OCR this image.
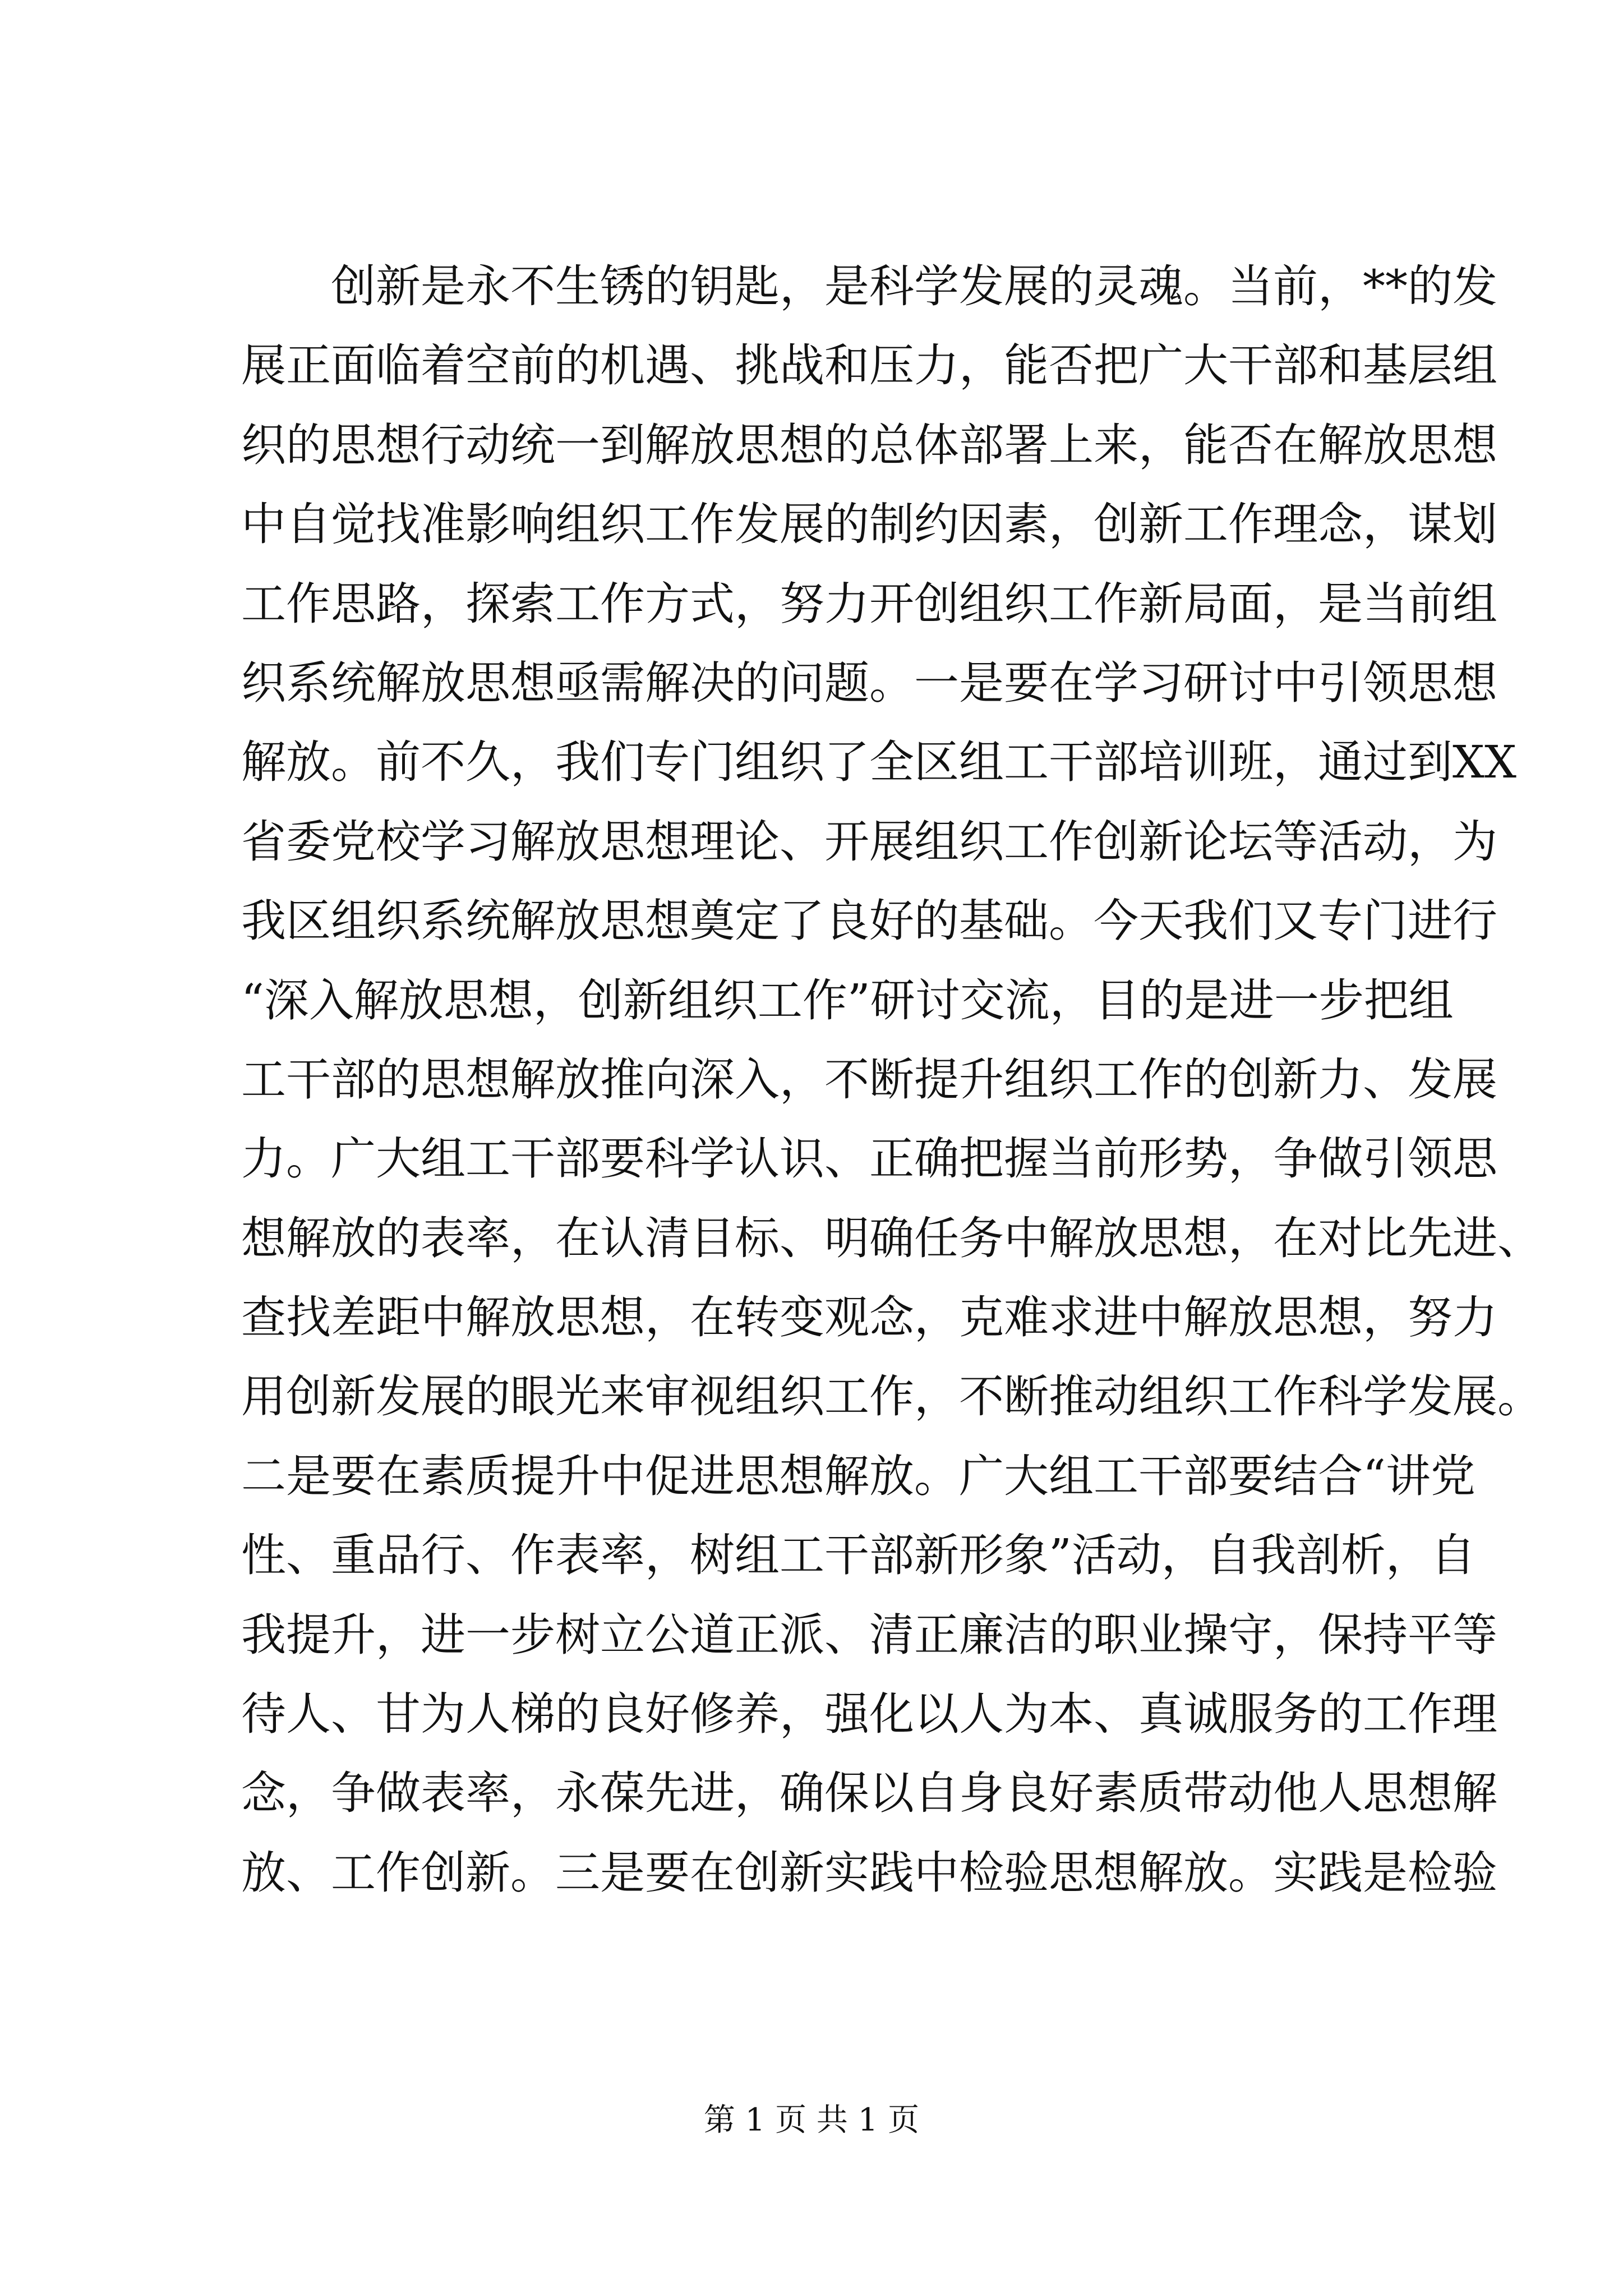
创新是永不生锈的钥匙，是科学发展的灵魂。当前，**的发
展正面临着空前的机遇、挑战和压力，能否把广大干部和基层组
织的思想行动统一到解放思想的总体部署上来，能否在解放思想
中自觉找准影响组织工作发展的制约因素，创新工作理念，谋划
工作思路，探索工作方式，努力开创组织工作新局面，是当前组
织系统解放思想亟需解决的问题。一是要在学习研讨中引领思想
解放。前不久，我们专门组织了全区组工干部培训班，通过到XX
省委党校学习解放思想理论、开展组织工作创新论坛等活动，为
我区组织系统解放思想奠定了良好的基础。今天我们又专门进行
“深入解放思想，创新组织工作”研讨交流，目的是进一步把组
工干部的思想解放推向深入，不断提升组织工作的创新力、发展
力。广大组工干部要科学认识、正确把握当前形势，争做引领思
想解放的表率，在认清目标、明确任务中解放思想，在对比先进、
查找差距中解放思想，在转变观念，克难求进中解放思想，努力
用创新发展的眼光来审视组织工作，不断推动组织工作科学发展。
二是要在素质提升中促进思想解放。广大组工干部要结合“讲党
性、重品行、作表率，树组工干部新形象”活动，自我剖析，自
我提升，进一步树立公道正派、清正廉洁的职业操守，保持平等
待人、甘为人梯的良好修养，强化以人为本、真诚服务的工作理
念，争做表率，永葆先进，确保以自身良好素质带动他人思想解
放、工作创新。三是要在创新实践中检验思想解放。实践是检验
第 1 页 共 1 页
